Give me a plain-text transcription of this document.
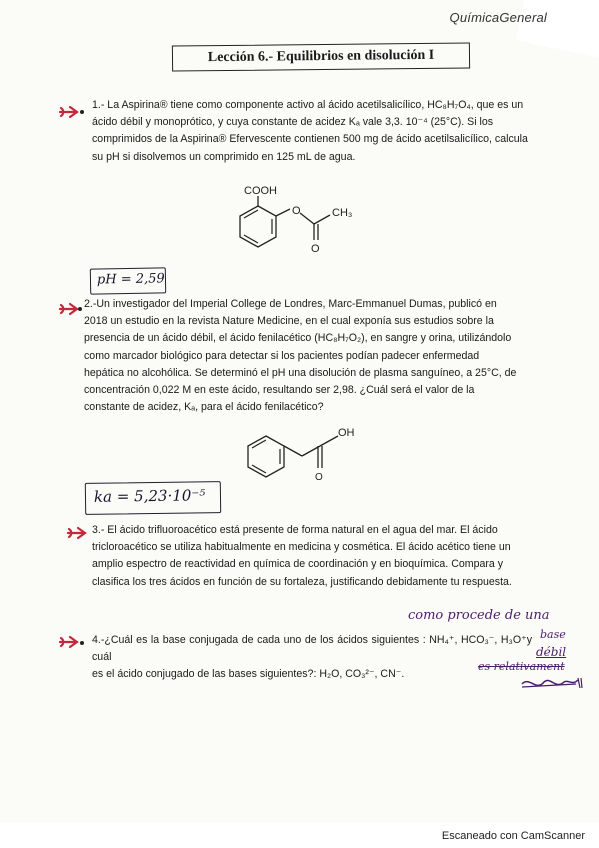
QuímicaGeneral
Lección 6.- Equilibrios en disolución I

1.- La Aspirina® tiene como componente activo al ácido acetilsalicílico, HC₈H₇O₄, que es un

ácido débil y monoprótico, y cuya constante de acidez Kₐ vale 3,3. 10⁻⁴ (25°C). Si los

comprimidos de la Aspirina® Efervescente contienen 500 mg de ácido acetilsalicílico, calcula

su pH si disolvemos un comprimido en 125 mL de agua.

O
O
COOH
CH₃
pH = 2,59

2.-Un investigador del Imperial College de Londres, Marc-Emmanuel Dumas, publicó en

2018 un estudio en la revista Nature Medicine, en el cual exponía sus estudios sobre la

presencia de un ácido débil, el ácido fenilacético (HC₈H₇O₂), en sangre y orina, utilizándolo

como marcador biológico para detectar si los pacientes podían padecer enfermedad

hepática no alcohólica. Se determinó el pH una disolución de plasma sanguíneo, a 25°C, de

concentración 0,022 M en este ácido, resultando ser 2,98. ¿Cuál será el valor de la

constante de acidez, Kₐ, para el ácido fenilacético?

O
OH
ka = 5,23·10⁻⁵

3.- El ácido trifluoroacético está presente de forma natural en el agua del mar. El ácido

tricloroacético se utiliza habitualmente en medicina y cosmética. El ácido acético tiene un

amplio espectro de reactividad en química de coordinación y en bioquímica. Compara y

clasifica los tres ácidos en función de su fortaleza, justificando debidamente tu respuesta.

como procede de una

4.-¿Cuál es la base conjugada de cada uno de los ácidos siguientes : NH₄⁺, HCO₃⁻, H₃O⁺y cuál

es el ácido conjugado de las bases siguientes?: H₂O, CO₃²⁻, CN⁻.

base
débil
es relativament
Escaneado con CamScanner
